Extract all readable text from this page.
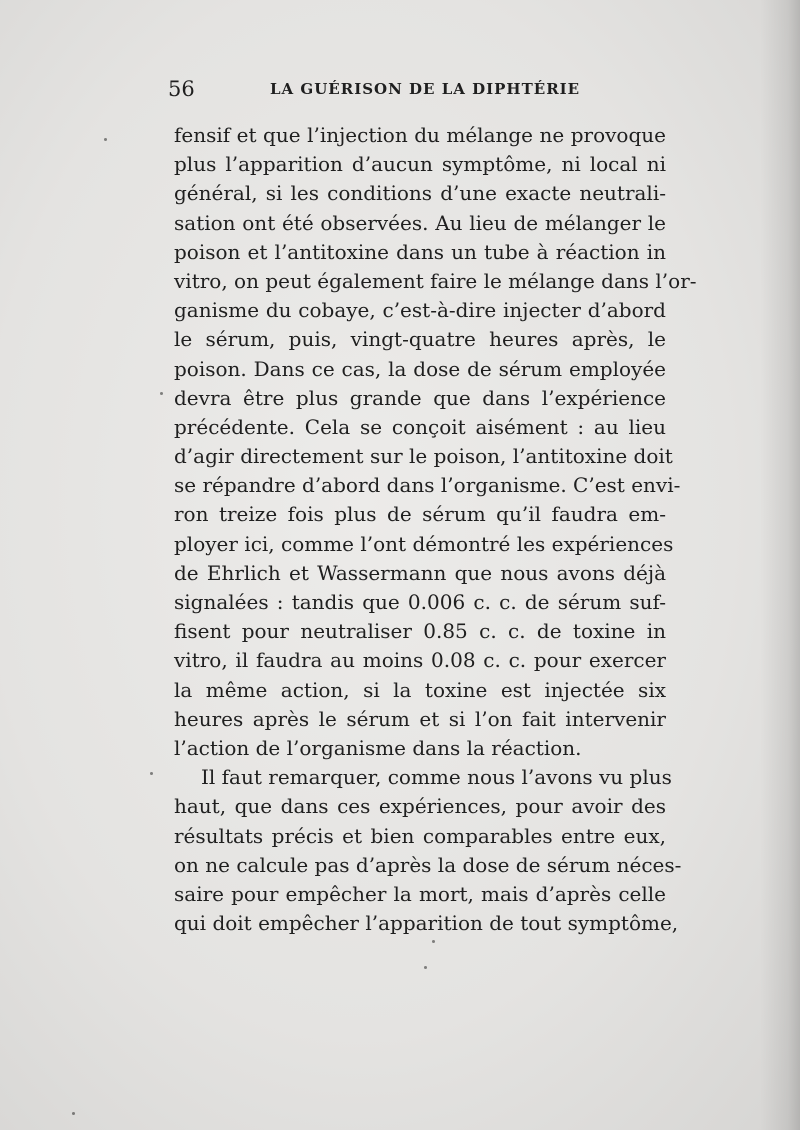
56	LA GUÉRISON DE LA DIPHTÉRIE
fensif et que l’injection du mélange ne provoque
plus l’apparition d’aucun symptôme, ni local ni
général, si les conditions d’une exacte neutrali-
sation ont été observées. Au lieu de mélanger le
poison et l’antitoxine dans un tube à réaction in
vitro, on peut également faire le mélange dans l’or-
ganisme du cobaye, c’est-à-dire injecter d’abord
le sérum, puis, vingt-quatre heures après, le
poison. Dans ce cas, la dose de sérum employée
devra être plus grande que dans l’expérience
précédente. Cela se conçoit aisément : au lieu
d’agir directement sur le poison, l’antitoxine doit
se répandre d’abord dans l’organisme. C’est envi-
ron treize fois plus de sérum qu’il faudra em-
ployer ici, comme l’ont démontré les expériences
de Ehrlich et Wassermann que nous avons déjà
signalées : tandis que 0.006 c. c. de sérum suf-
fisent pour neutraliser 0.85 c. c. de toxine in
vitro, il faudra au moins 0.08 c. c. pour exercer
la même action, si la toxine est injectée six
heures après le sérum et si l’on fait intervenir
l’action de l’organisme dans la réaction.
Il faut remarquer, comme nous l’avons vu plus
haut, que dans ces expériences, pour avoir des
résultats précis et bien comparables entre eux,
on ne calcule pas d’après la dose de sérum néces-
saire pour empêcher la mort, mais d’après celle
qui doit empêcher l’apparition de tout symptôme,
